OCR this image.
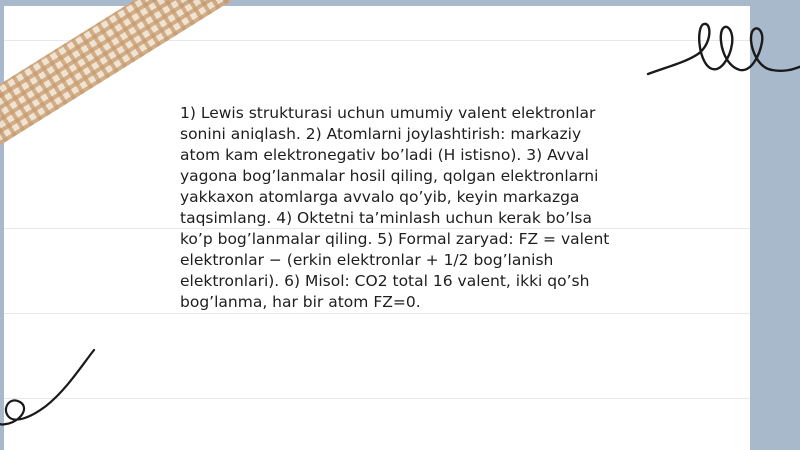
1) Lewis strukturasi uchun umumiy valent elektronlar
sonini aniqlash. 2) Atomlarni joylashtirish: markaziy
atom kam elektronegativ bo’ladi (H istisno). 3) Avval
yagona bog’lanmalar hosil qiling, qolgan elektronlarni
yakkaxon atomlarga avvalo qo’yib, keyin markazga
taqsimlang. 4) Oktetni ta’minlash uchun kerak bo’lsa
ko’p bog’lanmalar qiling. 5) Formal zaryad: FZ = valent
elektronlar − (erkin elektronlar + 1/2 bog’lanish
elektronlari). 6) Misol: CO2 total 16 valent, ikki qo’sh
bog’lanma, har bir atom FZ=0.
